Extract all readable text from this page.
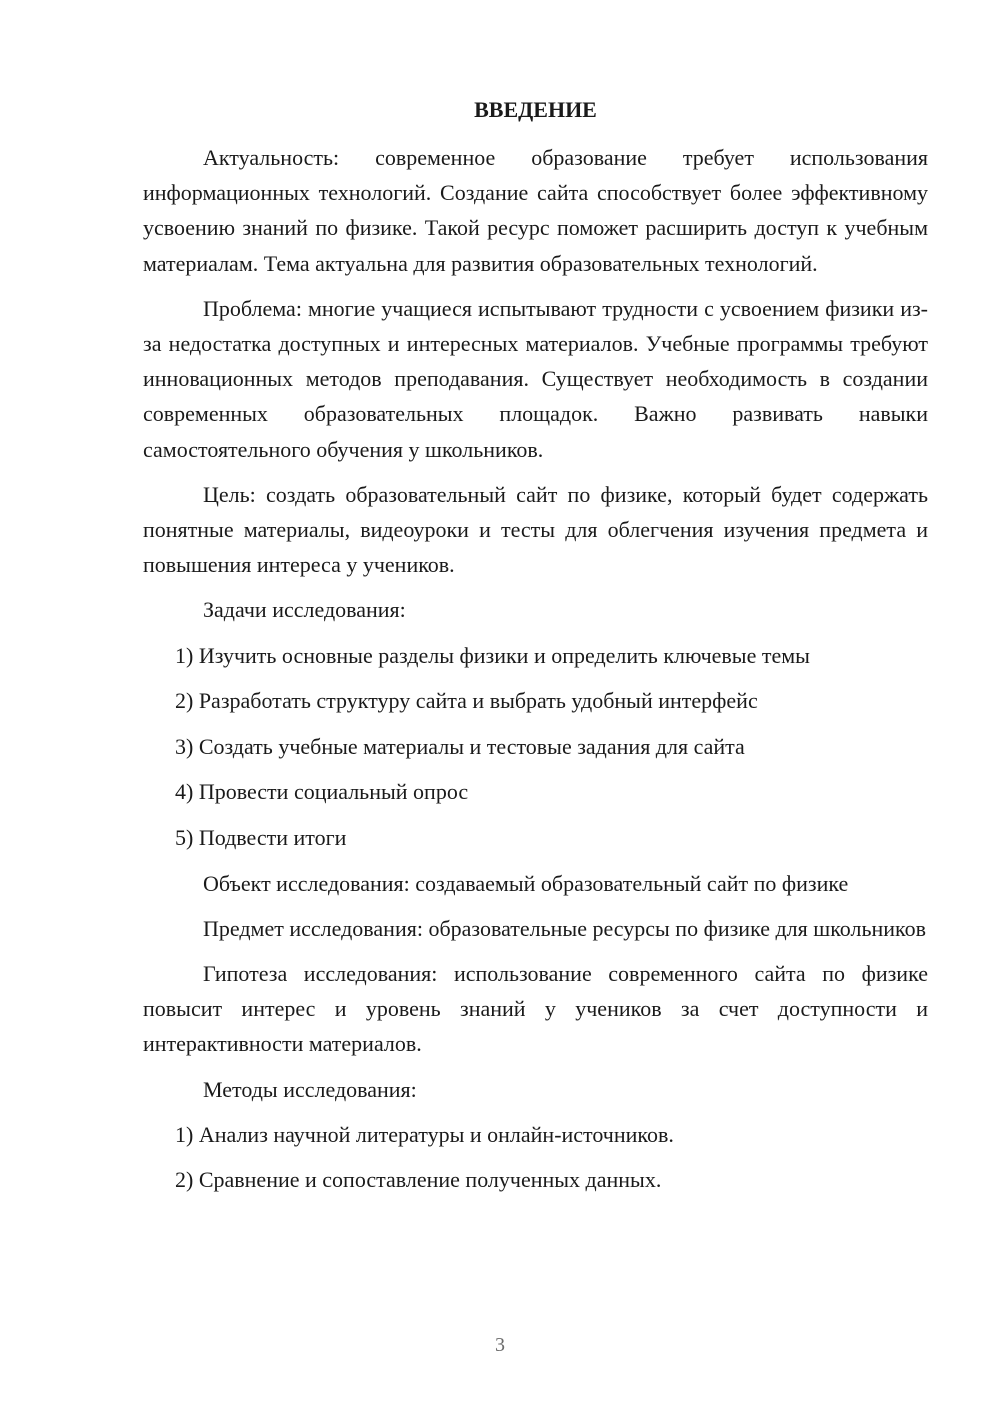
ВВЕДЕНИЕ

Актуальность: современное образование требует использования информационных технологий. Создание сайта способствует более эффективному усвоению знаний по физике. Такой ресурс поможет расширить доступ к учебным материалам. Тема актуальна для развития образовательных технологий.

Проблема: многие учащиеся испытывают трудности с усвоением физики из-за недостатка доступных и интересных материалов. Учебные программы требуют инновационных методов преподавания. Существует необходимость в создании современных образовательных площадок. Важно развивать навыки самостоятельного обучения у школьников.

Цель: создать образовательный сайт по физике, который будет содержать понятные материалы, видеоуроки и тесты для облегчения изучения предмета и повышения интереса у учеников.

Задачи исследования:

1) Изучить основные разделы физики и определить ключевые темы
2) Разработать структуру сайта и выбрать удобный интерфейс
3) Создать учебные материалы и тестовые задания для сайта
4) Провести социальный опрос
5) Подвести итоги

Объект исследования: создаваемый образовательный сайт по физике

Предмет исследования: образовательные ресурсы по физике для школьников

Гипотеза исследования: использование современного сайта по физике повысит интерес и уровень знаний у учеников за счет доступности и интерактивности материалов.

Методы исследования:

1) Анализ научной литературы и онлайн-источников.
2) Сравнение и сопоставление полученных данных.
3
